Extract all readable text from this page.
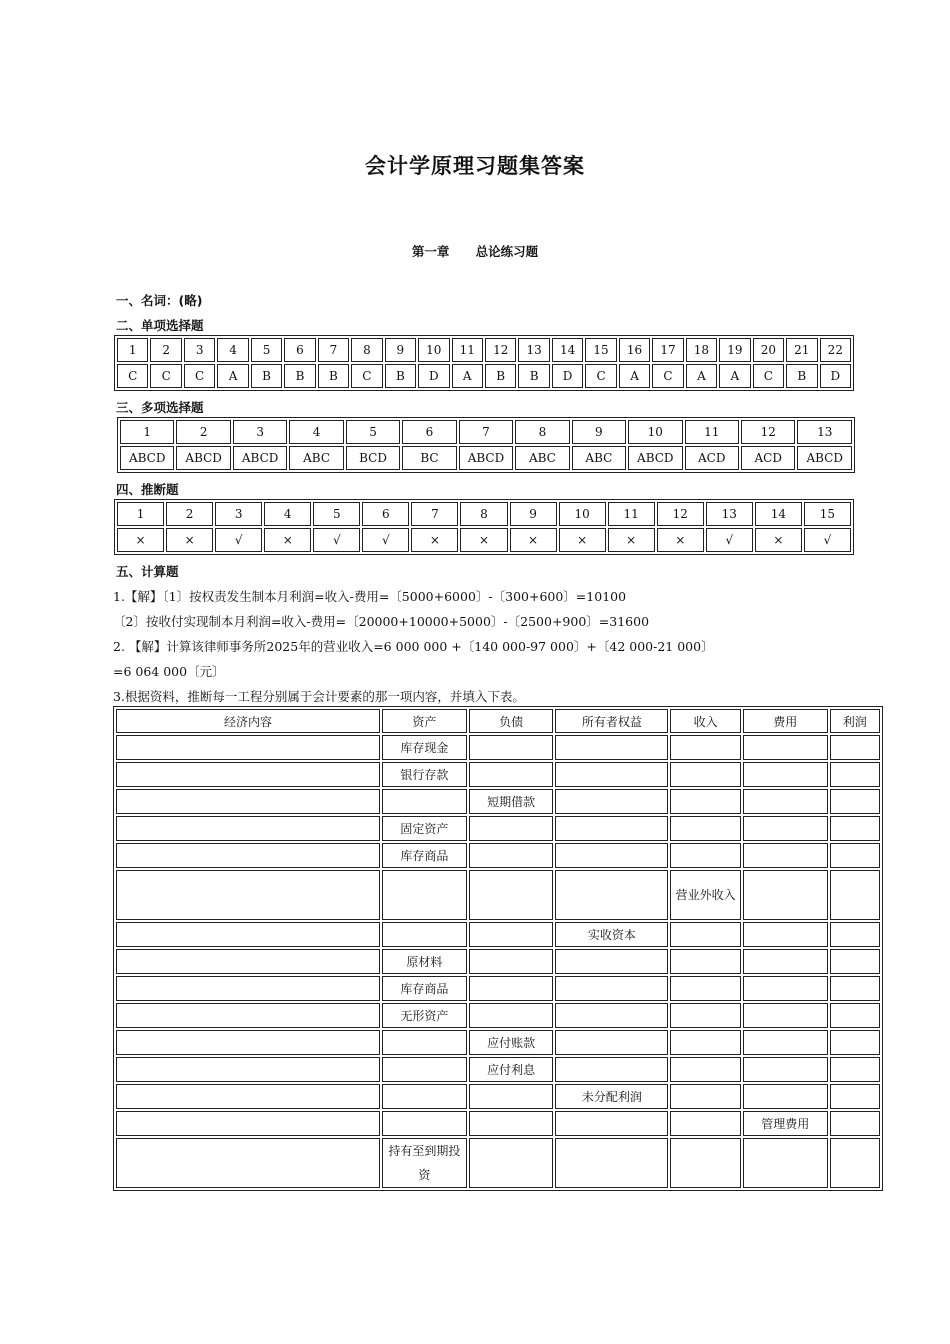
会计学原理习题集答案
第一章 总论练习题
一、名词：(略)
二、单项选择题
1	2	3	4	5	6	7	8	9	10	11	12	13	14	15	16	17	18	19	20	21	22
C	C	C	A	B	B	B	C	B	D	A	B	B	D	C	A	C	A	A	C	B	D
三、多项选择题
1	2	3	4	5	6	7	8	9	10	11	12	13
ABCD	ABCD	ABCD	ABC	BCD	BC	ABCD	ABC	ABC	ABCD	ACD	ACD	ABCD
四、推断题
1	2	3	4	5	6	7	8	9	10	11	12	13	14	15
×	×	√	×	√	√	×	×	×	×	×	×	√	×	√
五、计算题
1.【解】〔1〕按权责发生制本月利润=收入-费用=〔5000+6000〕-〔300+600〕=10100
〔2〕按收付实现制本月利润=收入-费用=〔20000+10000+5000〕-〔2500+900〕=31600
2. 【解】计算该律师事务所2025年的营业收入=6 000 000 +〔140 000-97 000〕+〔42 000-21 000〕
=6 064 000〔元〕
3.根据资料，推断每一工程分别属于会计要素的那一项内容，并填入下表。
经济内容	资产	负债	所有者权益	收入	费用	利润
	库存现金					
	银行存款					
		短期借款				
	固定资产					
	库存商品					
				营业外收入		
			实收资本			
	原材料					
	库存商品					
	无形资产					
		应付账款				
		应付利息				
			未分配利润			
					管理费用	
	持有至到期投资					
